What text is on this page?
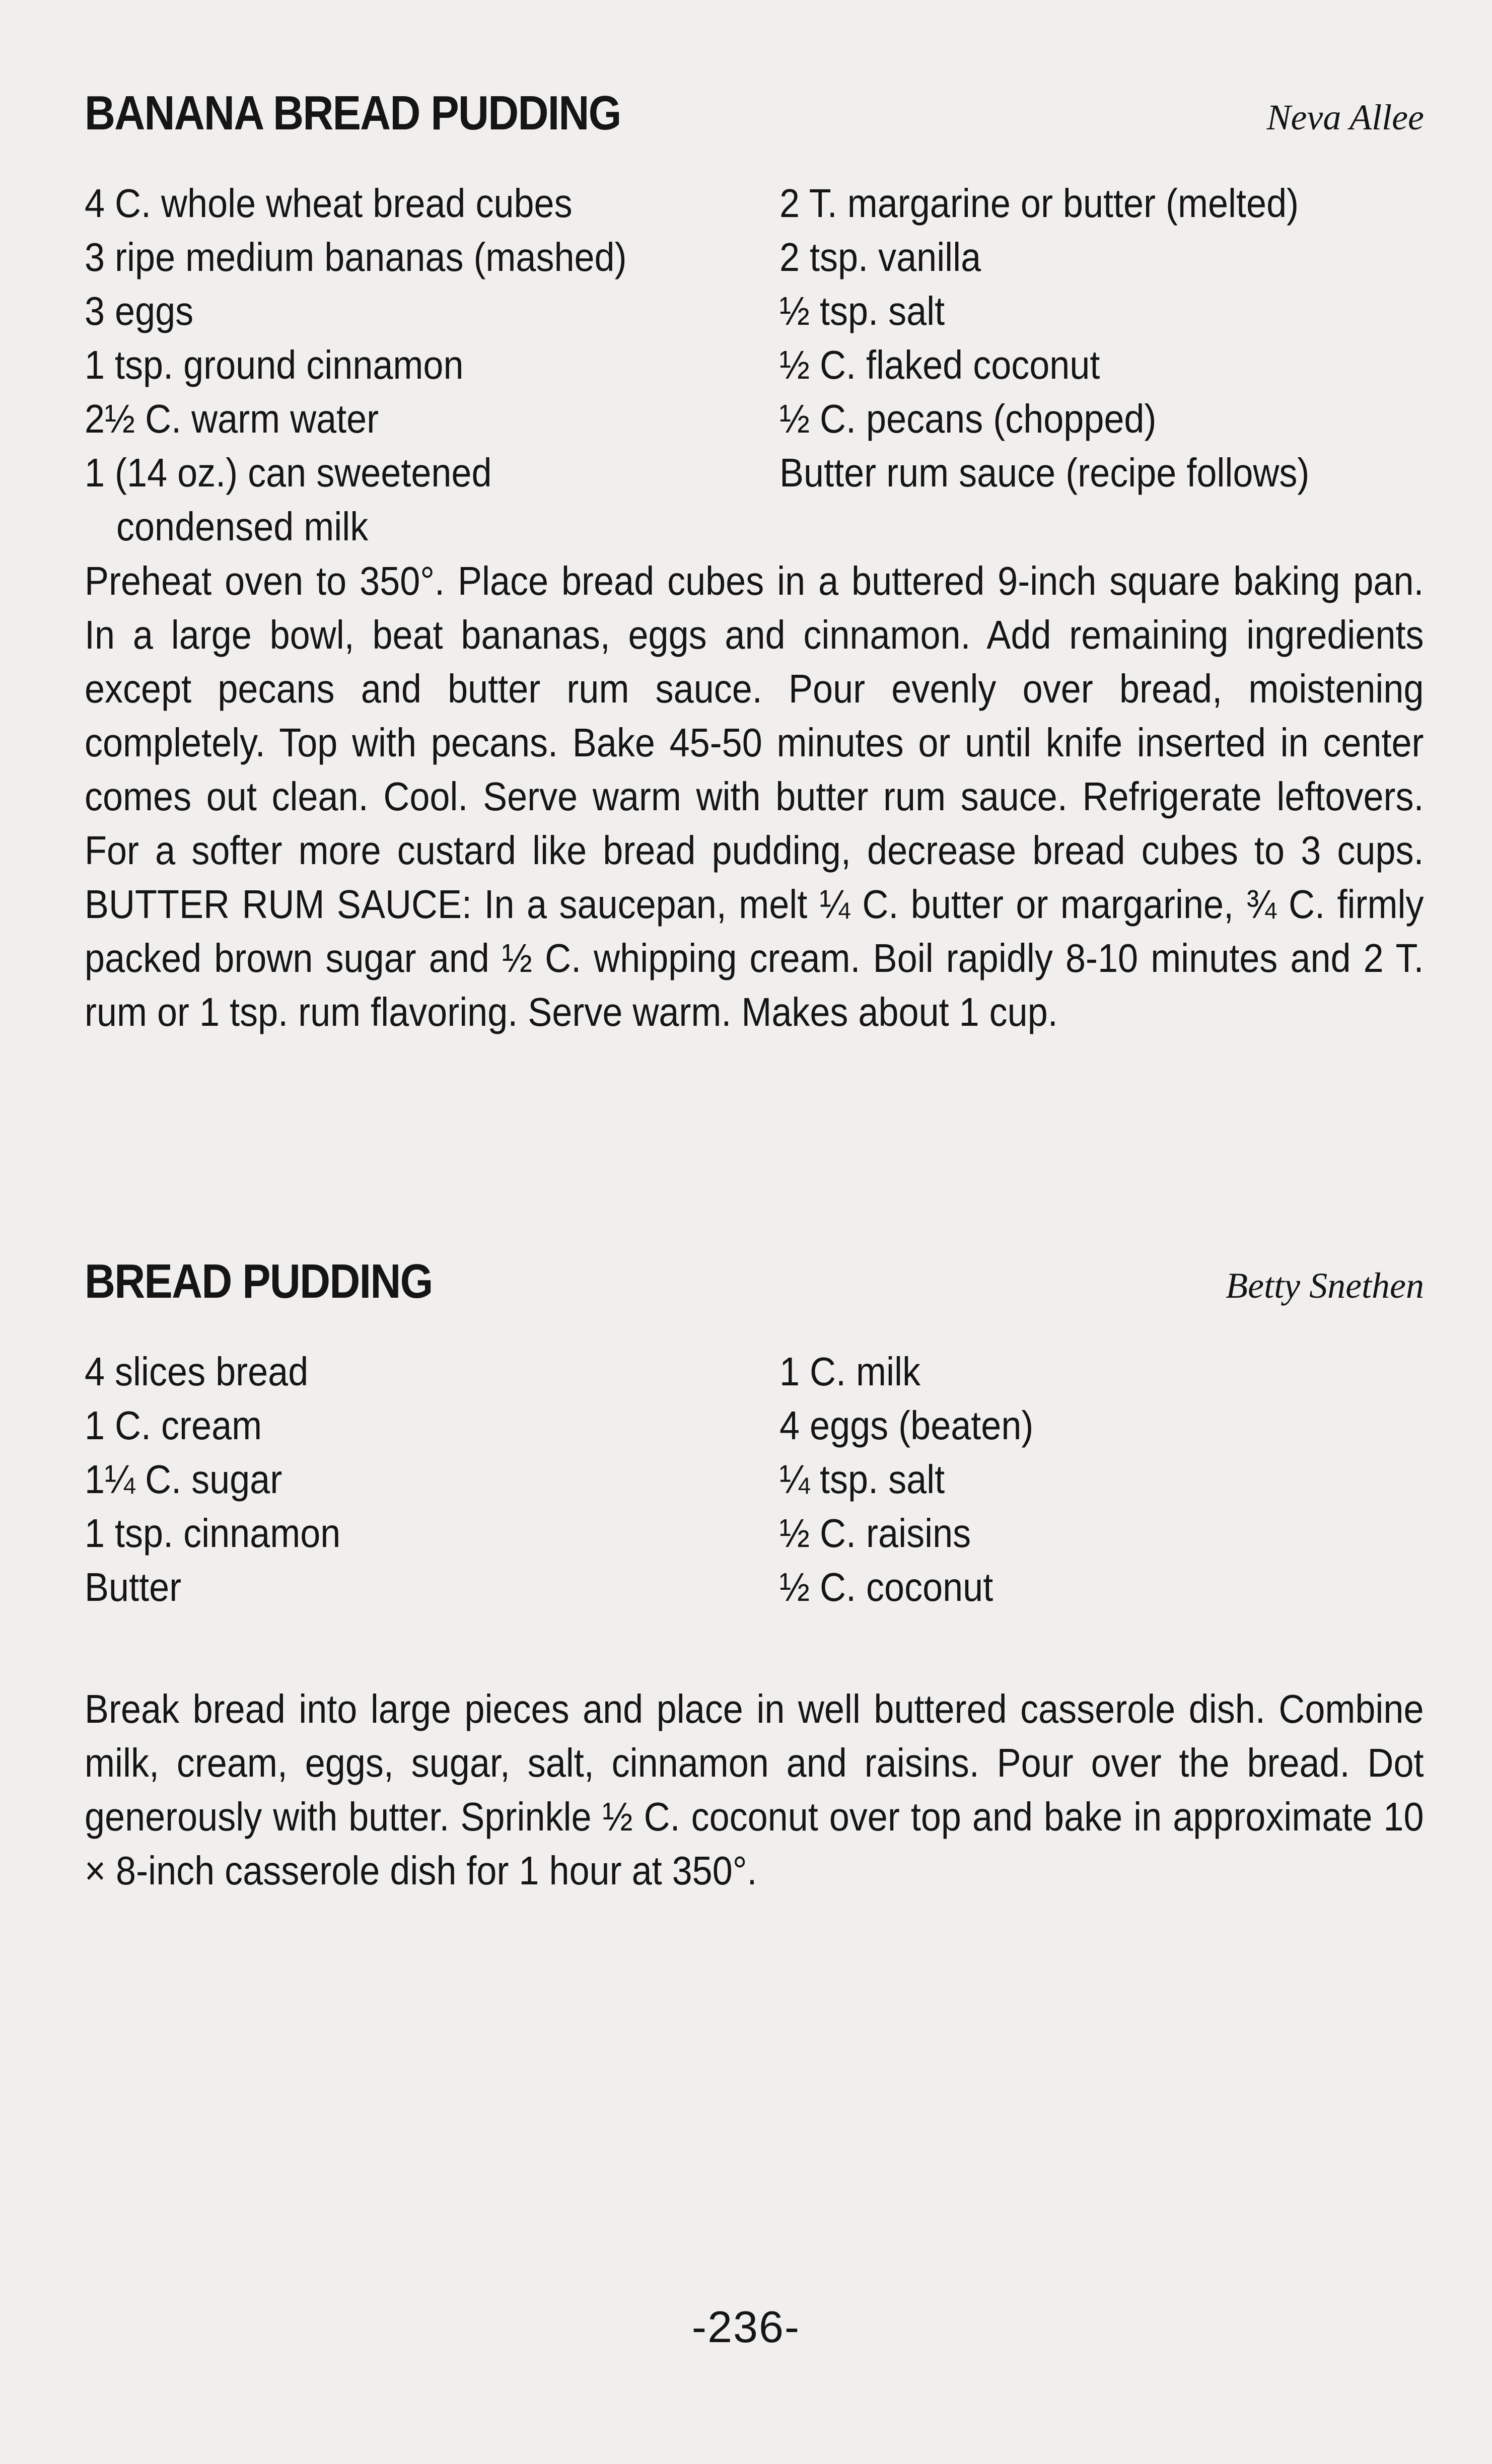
BANANA BREAD PUDDING	Neva Allee
4 C. whole wheat bread cubes
3 ripe medium bananas (mashed)
3 eggs
1 tsp. ground cinnamon
2½ C. warm water
1 (14 oz.) can sweetened
condensed milk
2 T. margarine or butter (melted)
2 tsp. vanilla
½ tsp. salt
½ C. flaked coconut
½ C. pecans (chopped)
Butter rum sauce (recipe follows)

Preheat oven to 350°. Place bread cubes in a buttered 9-inch square baking pan. In a large bowl, beat bananas, eggs and cinnamon. Add remaining ingredients except pecans and butter rum sauce. Pour evenly over bread, moistening completely. Top with pecans. Bake 45-50 minutes or until knife inserted in center comes out clean. Cool. Serve warm with butter rum sauce. Refrigerate leftovers. For a softer more custard like bread pudding, decrease bread cubes to 3 cups. BUTTER RUM SAUCE: In a saucepan, melt ¼ C. butter or margarine, ¾ C. firmly packed brown sugar and ½ C. whipping cream. Boil rapidly 8-10 minutes and 2 T. rum or 1 tsp. rum flavoring. Serve warm. Makes about 1 cup.

BREAD PUDDING	Betty Snethen
4 slices bread
1 C. cream
1¼ C. sugar
1 tsp. cinnamon
Butter
1 C. milk
4 eggs (beaten)
¼ tsp. salt
½ C. raisins
½ C. coconut

Break bread into large pieces and place in well buttered casserole dish. Combine milk, cream, eggs, sugar, salt, cinnamon and raisins. Pour over the bread. Dot generously with butter. Sprinkle ½ C. coconut over top and bake in approximate 10 × 8-inch casserole dish for 1 hour at 350°.

-236-
